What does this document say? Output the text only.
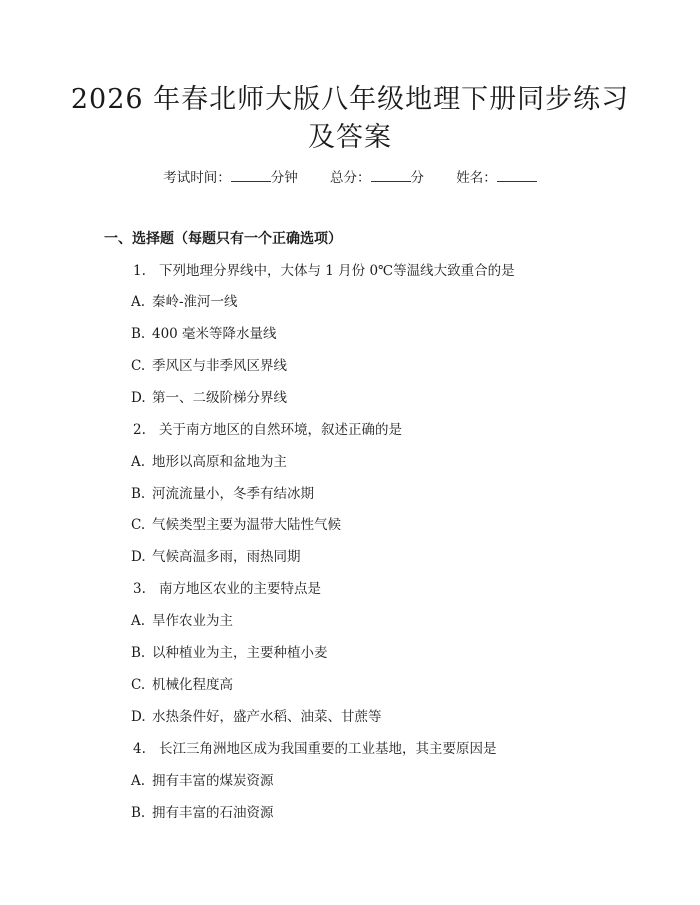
2026 年春北师大版八年级地理下册同步练习
及答案
考试时间：	分钟 总分：	分 姓名：
一、选择题（每题只有一个正确选项）
1. 下列地理分界线中，大体与 1 月份 0℃等温线大致重合的是
A. 秦岭-淮河一线
B. 400 毫米等降水量线
C. 季风区与非季风区界线
D. 第一、二级阶梯分界线
2. 关于南方地区的自然环境，叙述正确的是
A. 地形以高原和盆地为主
B. 河流流量小，冬季有结冰期
C. 气候类型主要为温带大陆性气候
D. 气候高温多雨，雨热同期
3. 南方地区农业的主要特点是
A. 旱作农业为主
B. 以种植业为主，主要种植小麦
C. 机械化程度高
D. 水热条件好，盛产水稻、油菜、甘蔗等
4. 长江三角洲地区成为我国重要的工业基地，其主要原因是
A. 拥有丰富的煤炭资源
B. 拥有丰富的石油资源
